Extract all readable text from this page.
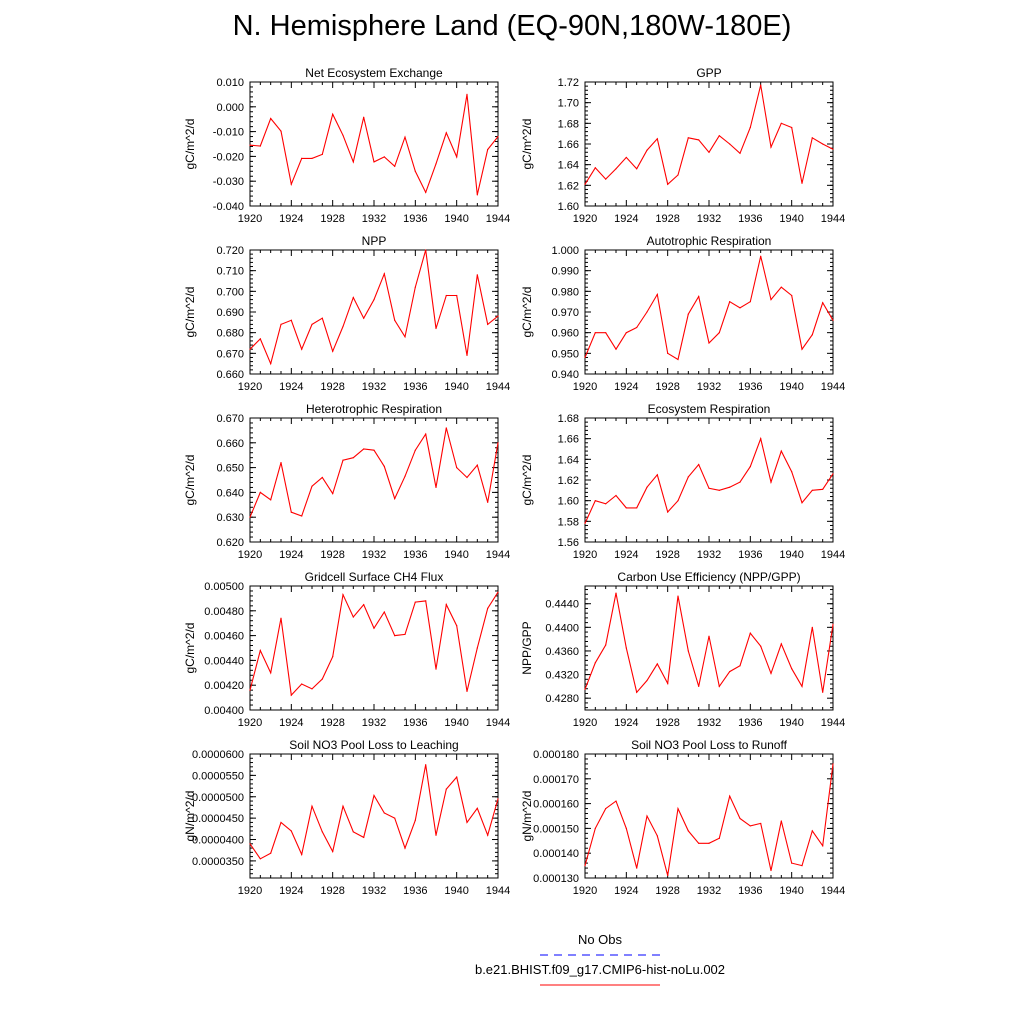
N. Hemisphere Land (EQ-90N,180W-180E)
1920 1924 1928 1932 1936 1940 1944
-0.040
-0.030
-0.020
-0.010
0.000
0.010
Net Ecosystem Exchange
gC/m^2/d
1920 1924 1928 1932 1936 1940 1944
1.60
1.62
1.64
1.66
1.68
1.70
1.72
GPP
gC/m^2/d
1920 1924 1928 1932 1936 1940 1944
0.660
0.670
0.680
0.690
0.700
0.710
0.720
NPP
gC/m^2/d
1920 1924 1928 1932 1936 1940 1944
0.940
0.950
0.960
0.970
0.980
0.990
1.000
Autotrophic Respiration
gC/m^2/d
1920 1924 1928 1932 1936 1940 1944
0.620
0.630
0.640
0.650
0.660
0.670
Heterotrophic Respiration
gC/m^2/d
1920 1924 1928 1932 1936 1940 1944
1.56
1.58
1.60
1.62
1.64
1.66
1.68
Ecosystem Respiration
gC/m^2/d
1920 1924 1928 1932 1936 1940 1944
0.00400
0.00420
0.00440
0.00460
0.00480
0.00500
Gridcell Surface CH4 Flux
gC/m^2/d
1920 1924 1928 1932 1936 1940 1944
0.4280
0.4320
0.4360
0.4400
0.4440
Carbon Use Efficiency (NPP/GPP)
NPP/GPP
1920 1924 1928 1932 1936 1940 1944
0.0000350
0.0000400
0.0000450
0.0000500
0.0000550
0.0000600
Soil NO3 Pool Loss to Leaching
gN/m^2/d
1920 1924 1928 1932 1936 1940 1944
0.000130
0.000140
0.000150
0.000160
0.000170
0.000180
Soil NO3 Pool Loss to Runoff
gN/m^2/d
No Obs
b.e21.BHIST.f09_g17.CMIP6-hist-noLu.002
